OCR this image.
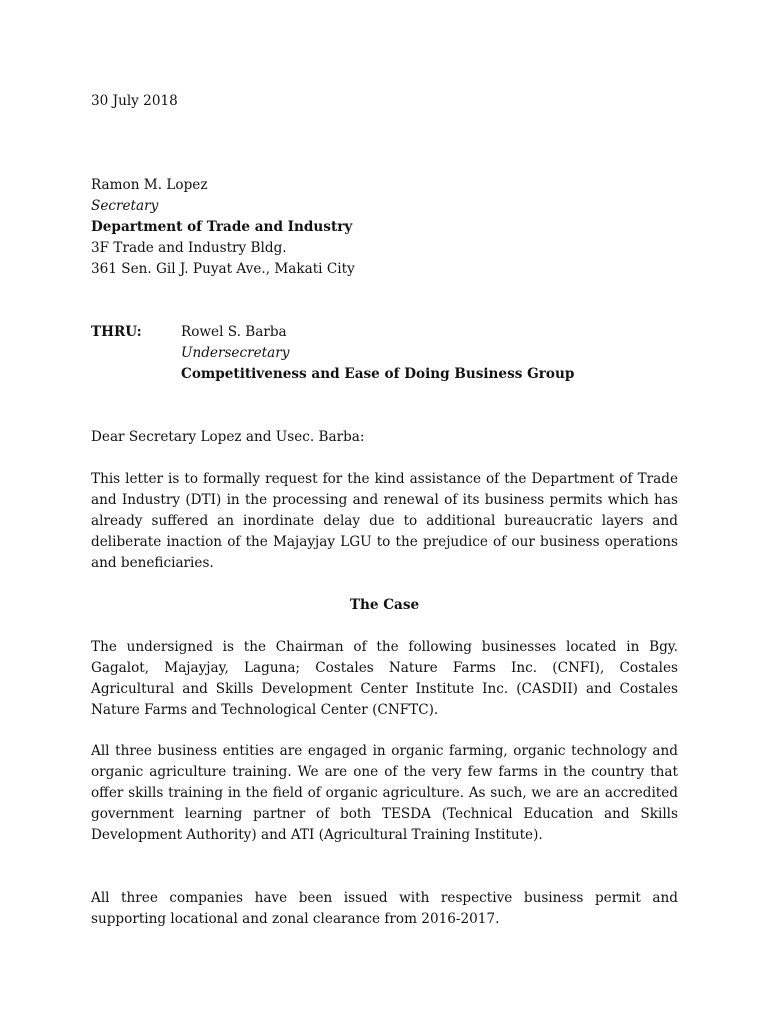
30 July 2018
Ramon M. Lopez
Secretary
Department of Trade and Industry
3F Trade and Industry Bldg.
361 Sen. Gil J. Puyat Ave., Makati City
THRU:	Rowel S. Barba
Undersecretary
Competitiveness and Ease of Doing Business Group
Dear Secretary Lopez and Usec. Barba:
This letter is to formally request for the kind assistance of the Department of Trade and Industry (DTI) in the processing and renewal of its business permits which has already suffered an inordinate delay due to additional bureaucratic layers and deliberate inaction of the Majayjay LGU to the prejudice of our business operations and beneficiaries.
The Case
The undersigned is the Chairman of the following businesses located in Bgy. Gagalot, Majayjay, Laguna; Costales Nature Farms Inc. (CNFI), Costales Agricultural and Skills Development Center Institute Inc. (CASDII) and Costales Nature Farms and Technological Center (CNFTC).
All three business entities are engaged in organic farming, organic technology and organic agriculture training. We are one of the very few farms in the country that offer skills training in the field of organic agriculture. As such, we are an accredited government learning partner of both TESDA (Technical Education and Skills Development Authority) and ATI (Agricultural Training Institute).
All three companies have been issued with respective business permit and supporting locational and zonal clearance from 2016-2017.
